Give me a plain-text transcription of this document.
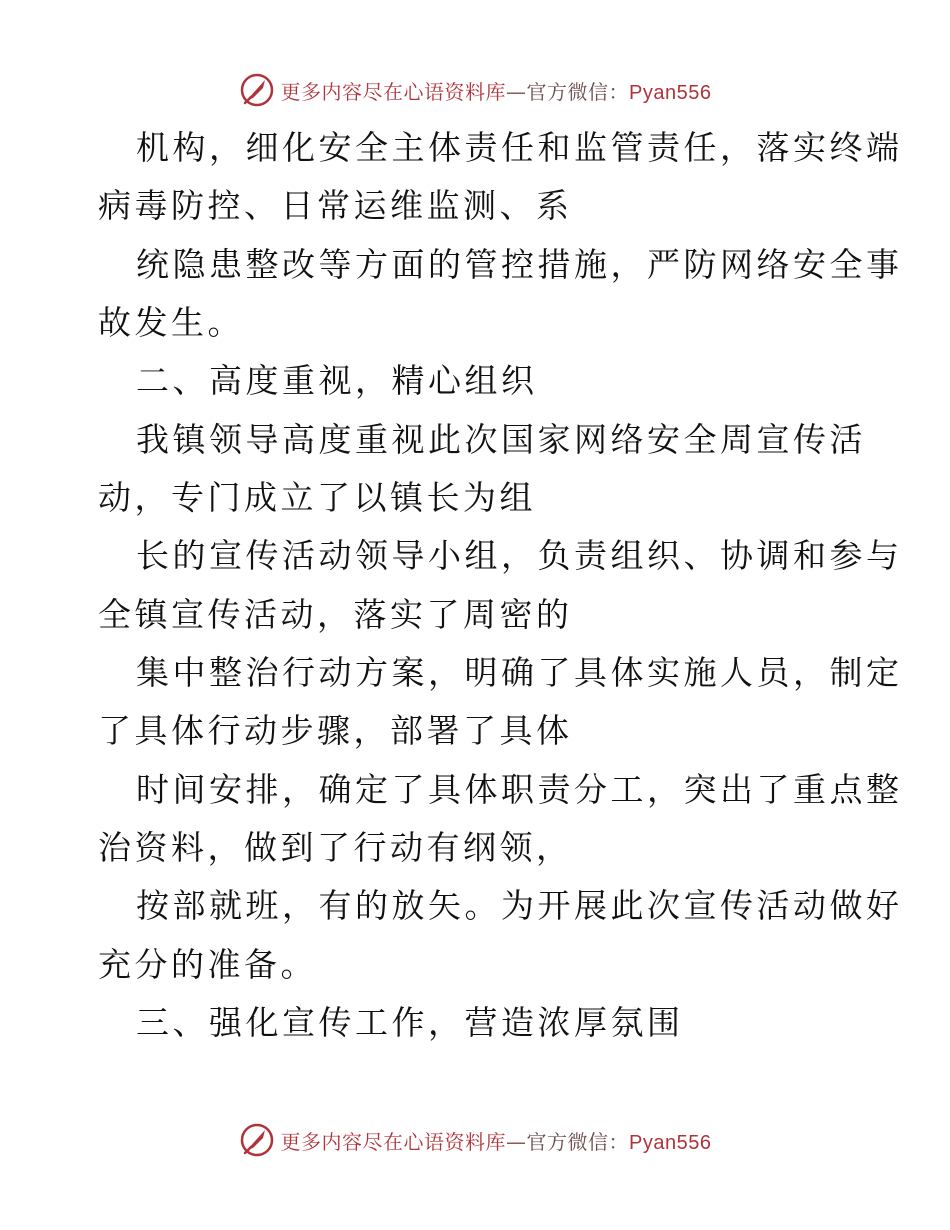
更多内容尽在心语资料库—官方微信：Pyan556
机构，细化安全主体责任和监管责任，落实终端
病毒防控、日常运维监测、系
统隐患整改等方面的管控措施，严防网络安全事
故发生。
二、高度重视，精心组织
我镇领导高度重视此次国家网络安全周宣传活
动，专门成立了以镇长为组
长的宣传活动领导小组，负责组织、协调和参与
全镇宣传活动，落实了周密的
集中整治行动方案，明确了具体实施人员，制定
了具体行动步骤，部署了具体
时间安排，确定了具体职责分工，突出了重点整
治资料，做到了行动有纲领，
按部就班，有的放矢。为开展此次宣传活动做好
充分的准备。
三、强化宣传工作，营造浓厚氛围
更多内容尽在心语资料库—官方微信：Pyan556
